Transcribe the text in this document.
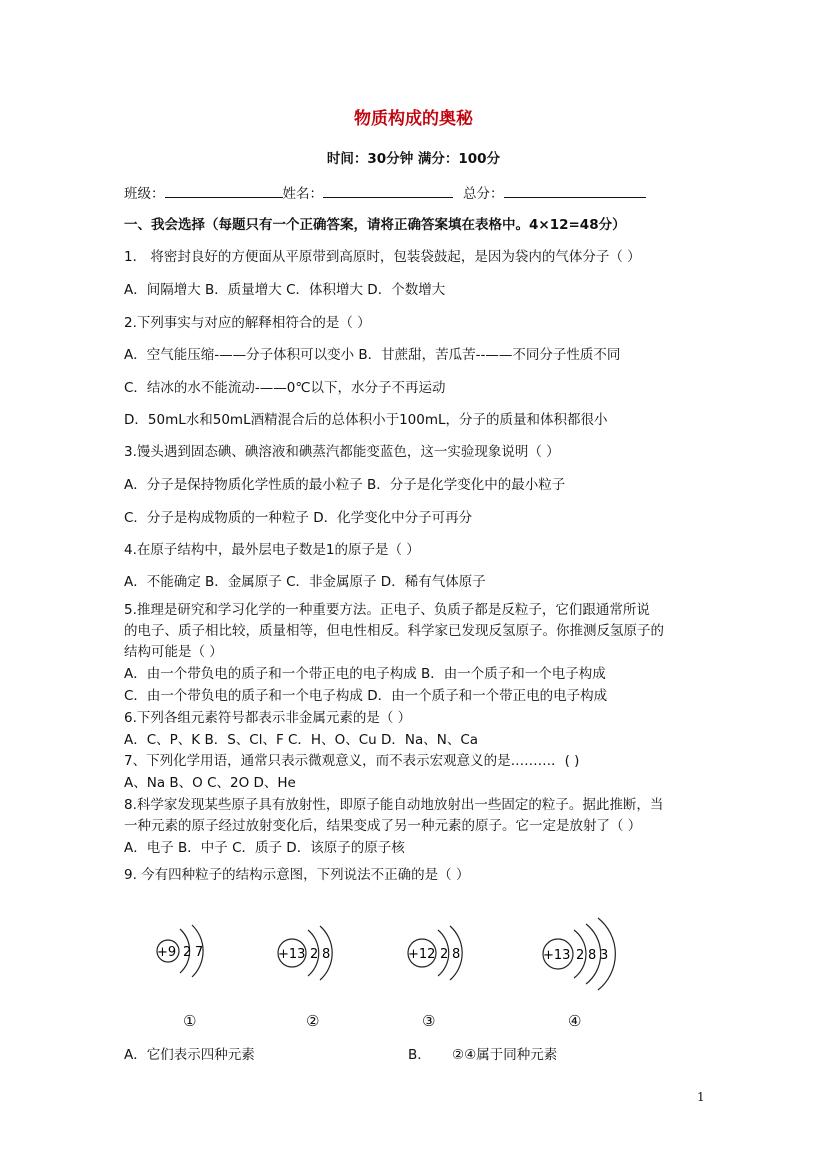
物质构成的奥秘
时间：30分钟 满分：100分
班级：	姓名：	总分：
一、我会选择（每题只有一个正确答案，请将正确答案填在表格中。4×12=48分）
1． 将密封良好的方便面从平原带到高原时，包装袋鼓起，是因为袋内的气体分子（ ）
A．间隔增大 B．质量增大 C．体积增大 D．个数增大
2.下列事实与对应的解释相符合的是（ ）
A．空气能压缩-——分子体积可以变小 B．甘蔗甜，苦瓜苦--——不同分子性质不同
C．结冰的水不能流动-——0℃以下，水分子不再运动
D．50mL水和50mL酒精混合后的总体积小于100mL，分子的质量和体积都很小
3.馒头遇到固态碘、碘溶液和碘蒸汽都能变蓝色，这一实验现象说明（ ）
A．分子是保持物质化学性质的最小粒子 B．分子是化学变化中的最小粒子
C．分子是构成物质的一种粒子 D．化学变化中分子可再分
4.在原子结构中，最外层电子数是1的原子是（ ）
A．不能确定 B．金属原子 C．非金属原子 D．稀有气体原子
5.推理是研究和学习化学的一种重要方法。正电子、负质子都是反粒子，它们跟通常所说
的电子、质子相比较，质量相等，但电性相反。科学家已发现反氢原子。你推测反氢原子的
结构可能是（ ）
A．由一个带负电的质子和一个带正电的电子构成 B．由一个质子和一个电子构成
C．由一个带负电的质子和一个电子构成 D．由一个质子和一个带正电的电子构成
6.下列各组元素符号都表示非金属元素的是（ ）
A．C、P、K B．S、Cl、F C．H、O、Cu D．Na、N、Ca
7、下列化学用语，通常只表示微观意义，而不表示宏观意义的是………．( )
A、Na B、O C、2O D、He
8.科学家发现某些原子具有放射性，即原子能自动地放射出一些固定的粒子。据此推断，当
一种元素的原子经过放射变化后，结果变成了另一种元素的原子。它一定是放射了（ ）
A．电子 B．中子 C．质子 D．该原子的原子核
9. 今有四种粒子的结构示意图，下列说法不正确的是（ ）
+9 2 7	+13 2 8	+12 2 8	+13 2 8 3
①	②	③	④
A．它们表示四种元素	B. ②④属于同种元素
1
